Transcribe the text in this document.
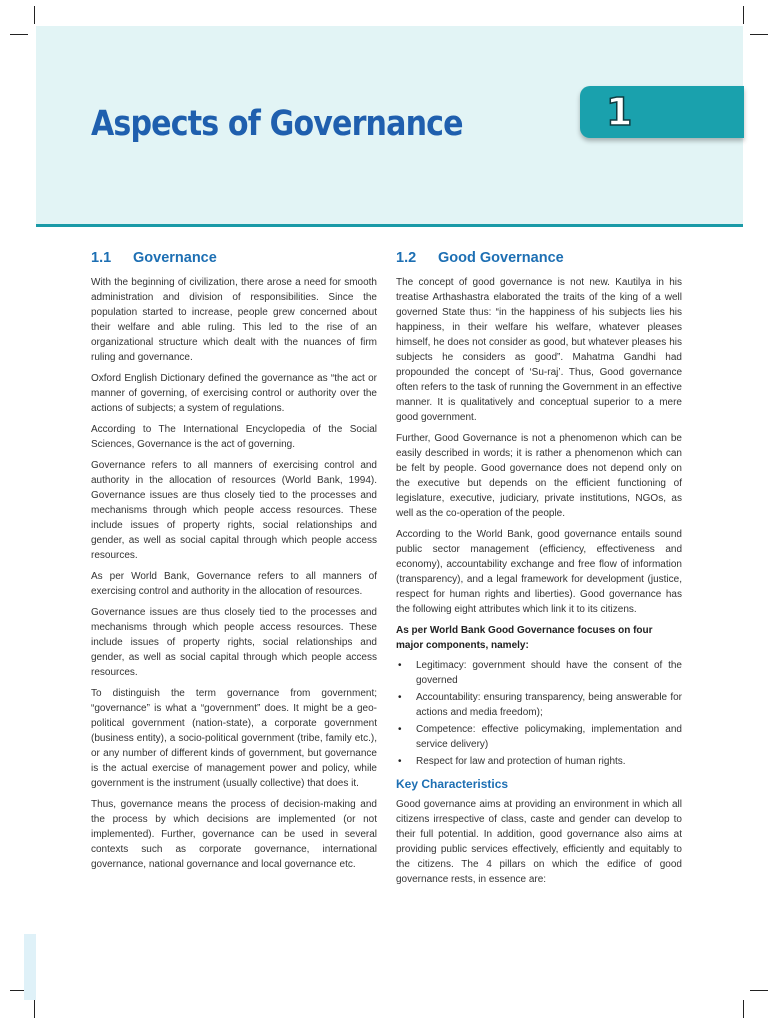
Aspects of Governance	1
1.1 Governance

With the beginning of civilization, there arose a need for smooth administration and division of responsibilities. Since the population started to increase, people grew concerned about their welfare and able ruling. This led to the rise of an organizational structure which dealt with the nuances of firm ruling and governance.

Oxford English Dictionary defined the governance as “the act or manner of governing, of exercising control or authority over the actions of subjects; a system of regulations.

According to The International Encyclopedia of the Social Sciences, Governance is the act of governing.

Governance refers to all manners of exercising control and authority in the allocation of resources (World Bank, 1994). Governance issues are thus closely tied to the processes and mechanisms through which people access resources. These include issues of property rights, social relationships and gender, as well as social capital through which people access resources.

As per World Bank, Governance refers to all manners of exercising control and authority in the allocation of resources.

Governance issues are thus closely tied to the processes and mechanisms through which people access resources. These include issues of property rights, social relationships and gender, as well as social capital through which people access resources.

To distinguish the term governance from government; “governance” is what a “government” does. It might be a geo-political government (nation-state), a corporate government (business entity), a socio-political government (tribe, family etc.), or any number of different kinds of government, but governance is the actual exercise of management power and policy, while government is the instrument (usually collective) that does it.

Thus, governance means the process of decision-making and the process by which decisions are implemented (or not implemented). Further, governance can be used in several contexts such as corporate governance, international governance, national governance and local governance etc.

1.2 Good Governance

The concept of good governance is not new. Kautilya in his treatise Arthashastra elaborated the traits of the king of a well governed State thus: “in the happiness of his subjects lies his happiness, in their welfare his welfare, whatever pleases himself, he does not consider as good, but whatever pleases his subjects he considers as good”. Mahatma Gandhi had propounded the concept of ‘Su-raj’. Thus, Good governance often refers to the task of running the Government in an effective manner. It is qualitatively and conceptual superior to a mere good government.

Further, Good Governance is not a phenomenon which can be easily described in words; it is rather a phenomenon which can be felt by people. Good governance does not depend only on the executive but depends on the efficient functioning of legislature, executive, judiciary, private institutions, NGOs, as well as the co-operation of the people.

According to the World Bank, good governance entails sound public sector management (efficiency, effectiveness and economy), accountability exchange and free flow of information (transparency), and a legal framework for development (justice, respect for human rights and liberties). Good governance has the following eight attributes which link it to its citizens.

As per World Bank Good Governance focuses on four major components, namely:

• Legitimacy: government should have the consent of the governed
• Accountability: ensuring transparency, being answerable for actions and media freedom);
• Competence: effective policymaking, implementation and service delivery)
• Respect for law and protection of human rights.
Key Characteristics

Good governance aims at providing an environment in which all citizens irrespective of class, caste and gender can develop to their full potential. In addition, good governance also aims at providing public services effectively, efficiently and equitably to the citizens. The 4 pillars on which the edifice of good governance rests, in essence are:
